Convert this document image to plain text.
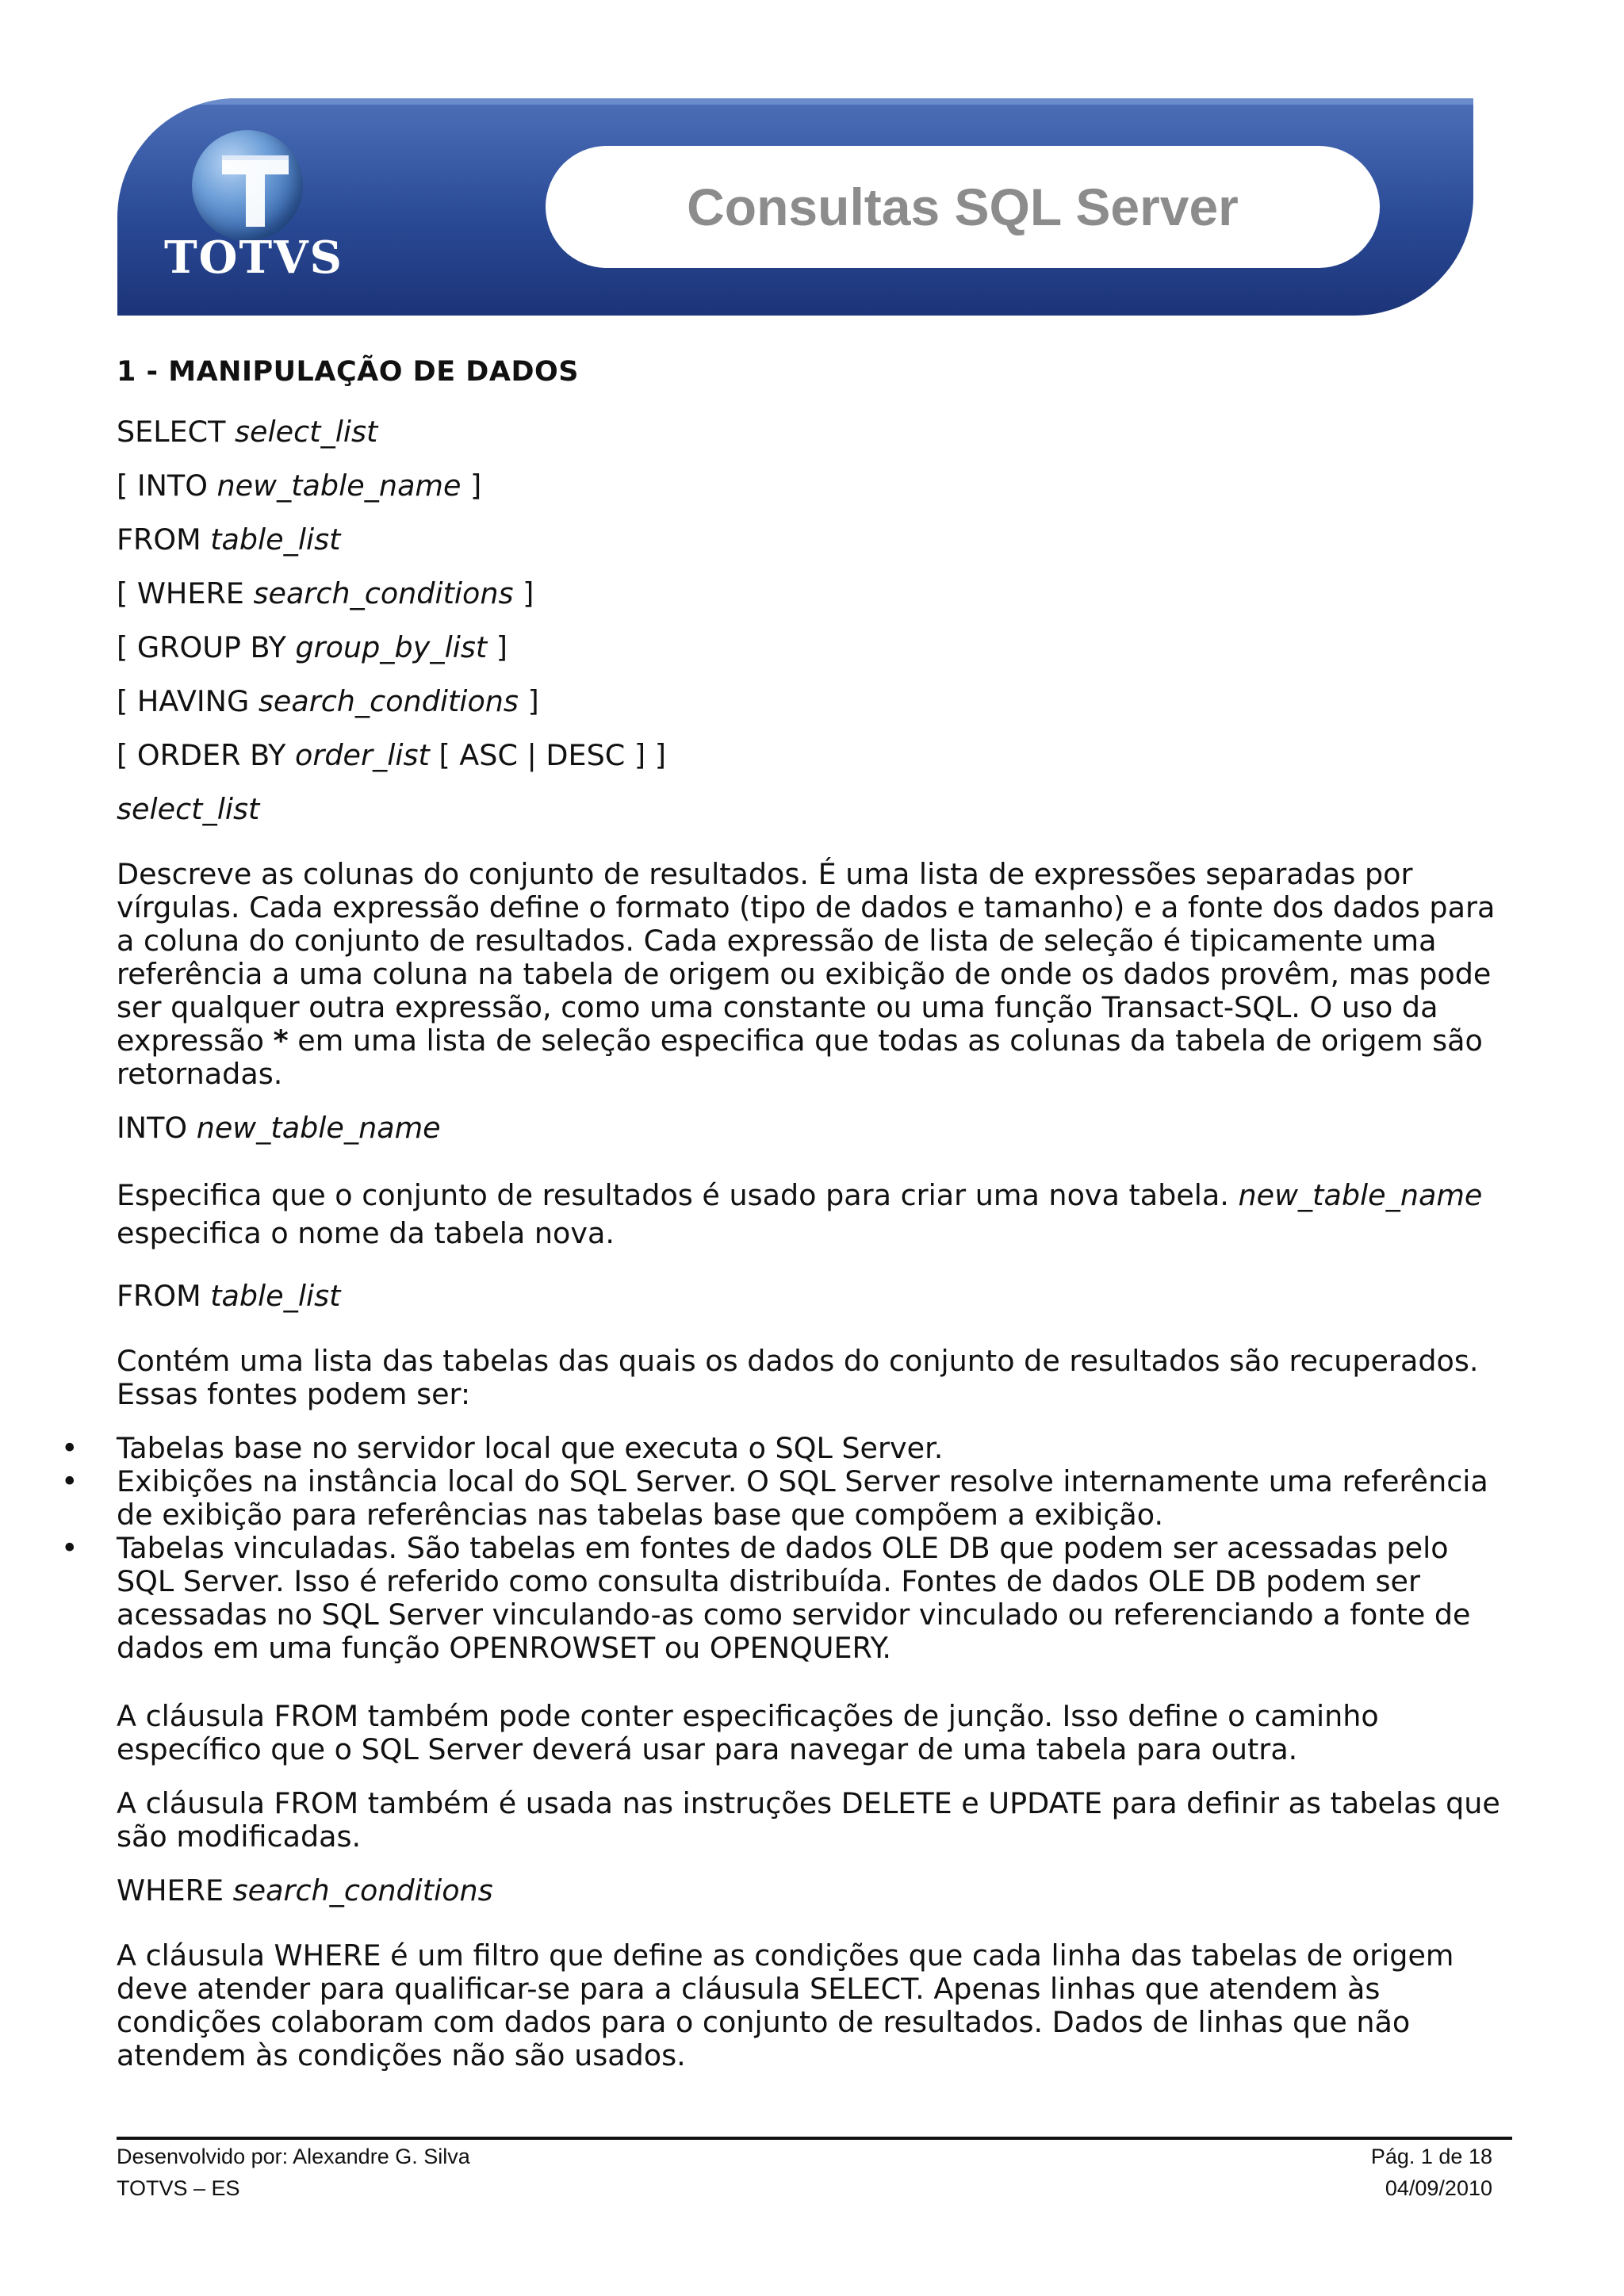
TOTVS
Consultas SQL Server
1 - MANIPULAÇÃO DE DADOS
SELECT select_list
[ INTO new_table_name ]
FROM table_list
[ WHERE search_conditions ]
[ GROUP BY group_by_list ]
[ HAVING search_conditions ]
[ ORDER BY order_list [ ASC | DESC ] ]
select_list
Descreve as colunas do conjunto de resultados. É uma lista de expressões separadas por vírgulas. Cada expressão define o formato (tipo de dados e tamanho) e a fonte dos dados para a coluna do conjunto de resultados. Cada expressão de lista de seleção é tipicamente uma referência a uma coluna na tabela de origem ou exibição de onde os dados provêm, mas pode ser qualquer outra expressão, como uma constante ou uma função Transact-SQL. O uso da expressão * em uma lista de seleção especifica que todas as colunas da tabela de origem são retornadas.
INTO new_table_name
Especifica que o conjunto de resultados é usado para criar uma nova tabela. new_table_name especifica o nome da tabela nova.
FROM table_list
Contém uma lista das tabelas das quais os dados do conjunto de resultados são recuperados. Essas fontes podem ser:
• Tabelas base no servidor local que executa o SQL Server.
• Exibições na instância local do SQL Server. O SQL Server resolve internamente uma referência de exibição para referências nas tabelas base que compõem a exibição.
• Tabelas vinculadas. São tabelas em fontes de dados OLE DB que podem ser acessadas pelo SQL Server. Isso é referido como consulta distribuída. Fontes de dados OLE DB podem ser acessadas no SQL Server vinculando-as como servidor vinculado ou referenciando a fonte de dados em uma função OPENROWSET ou OPENQUERY.
A cláusula FROM também pode conter especificações de junção. Isso define o caminho específico que o SQL Server deverá usar para navegar de uma tabela para outra.
A cláusula FROM também é usada nas instruções DELETE e UPDATE para definir as tabelas que são modificadas.
WHERE search_conditions
A cláusula WHERE é um filtro que define as condições que cada linha das tabelas de origem deve atender para qualificar-se para a cláusula SELECT. Apenas linhas que atendem às condições colaboram com dados para o conjunto de resultados. Dados de linhas que não atendem às condições não são usados.
Desenvolvido por: Alexandre G. Silva	Pág. 1 de 18
TOTVS – ES	04/09/2010
